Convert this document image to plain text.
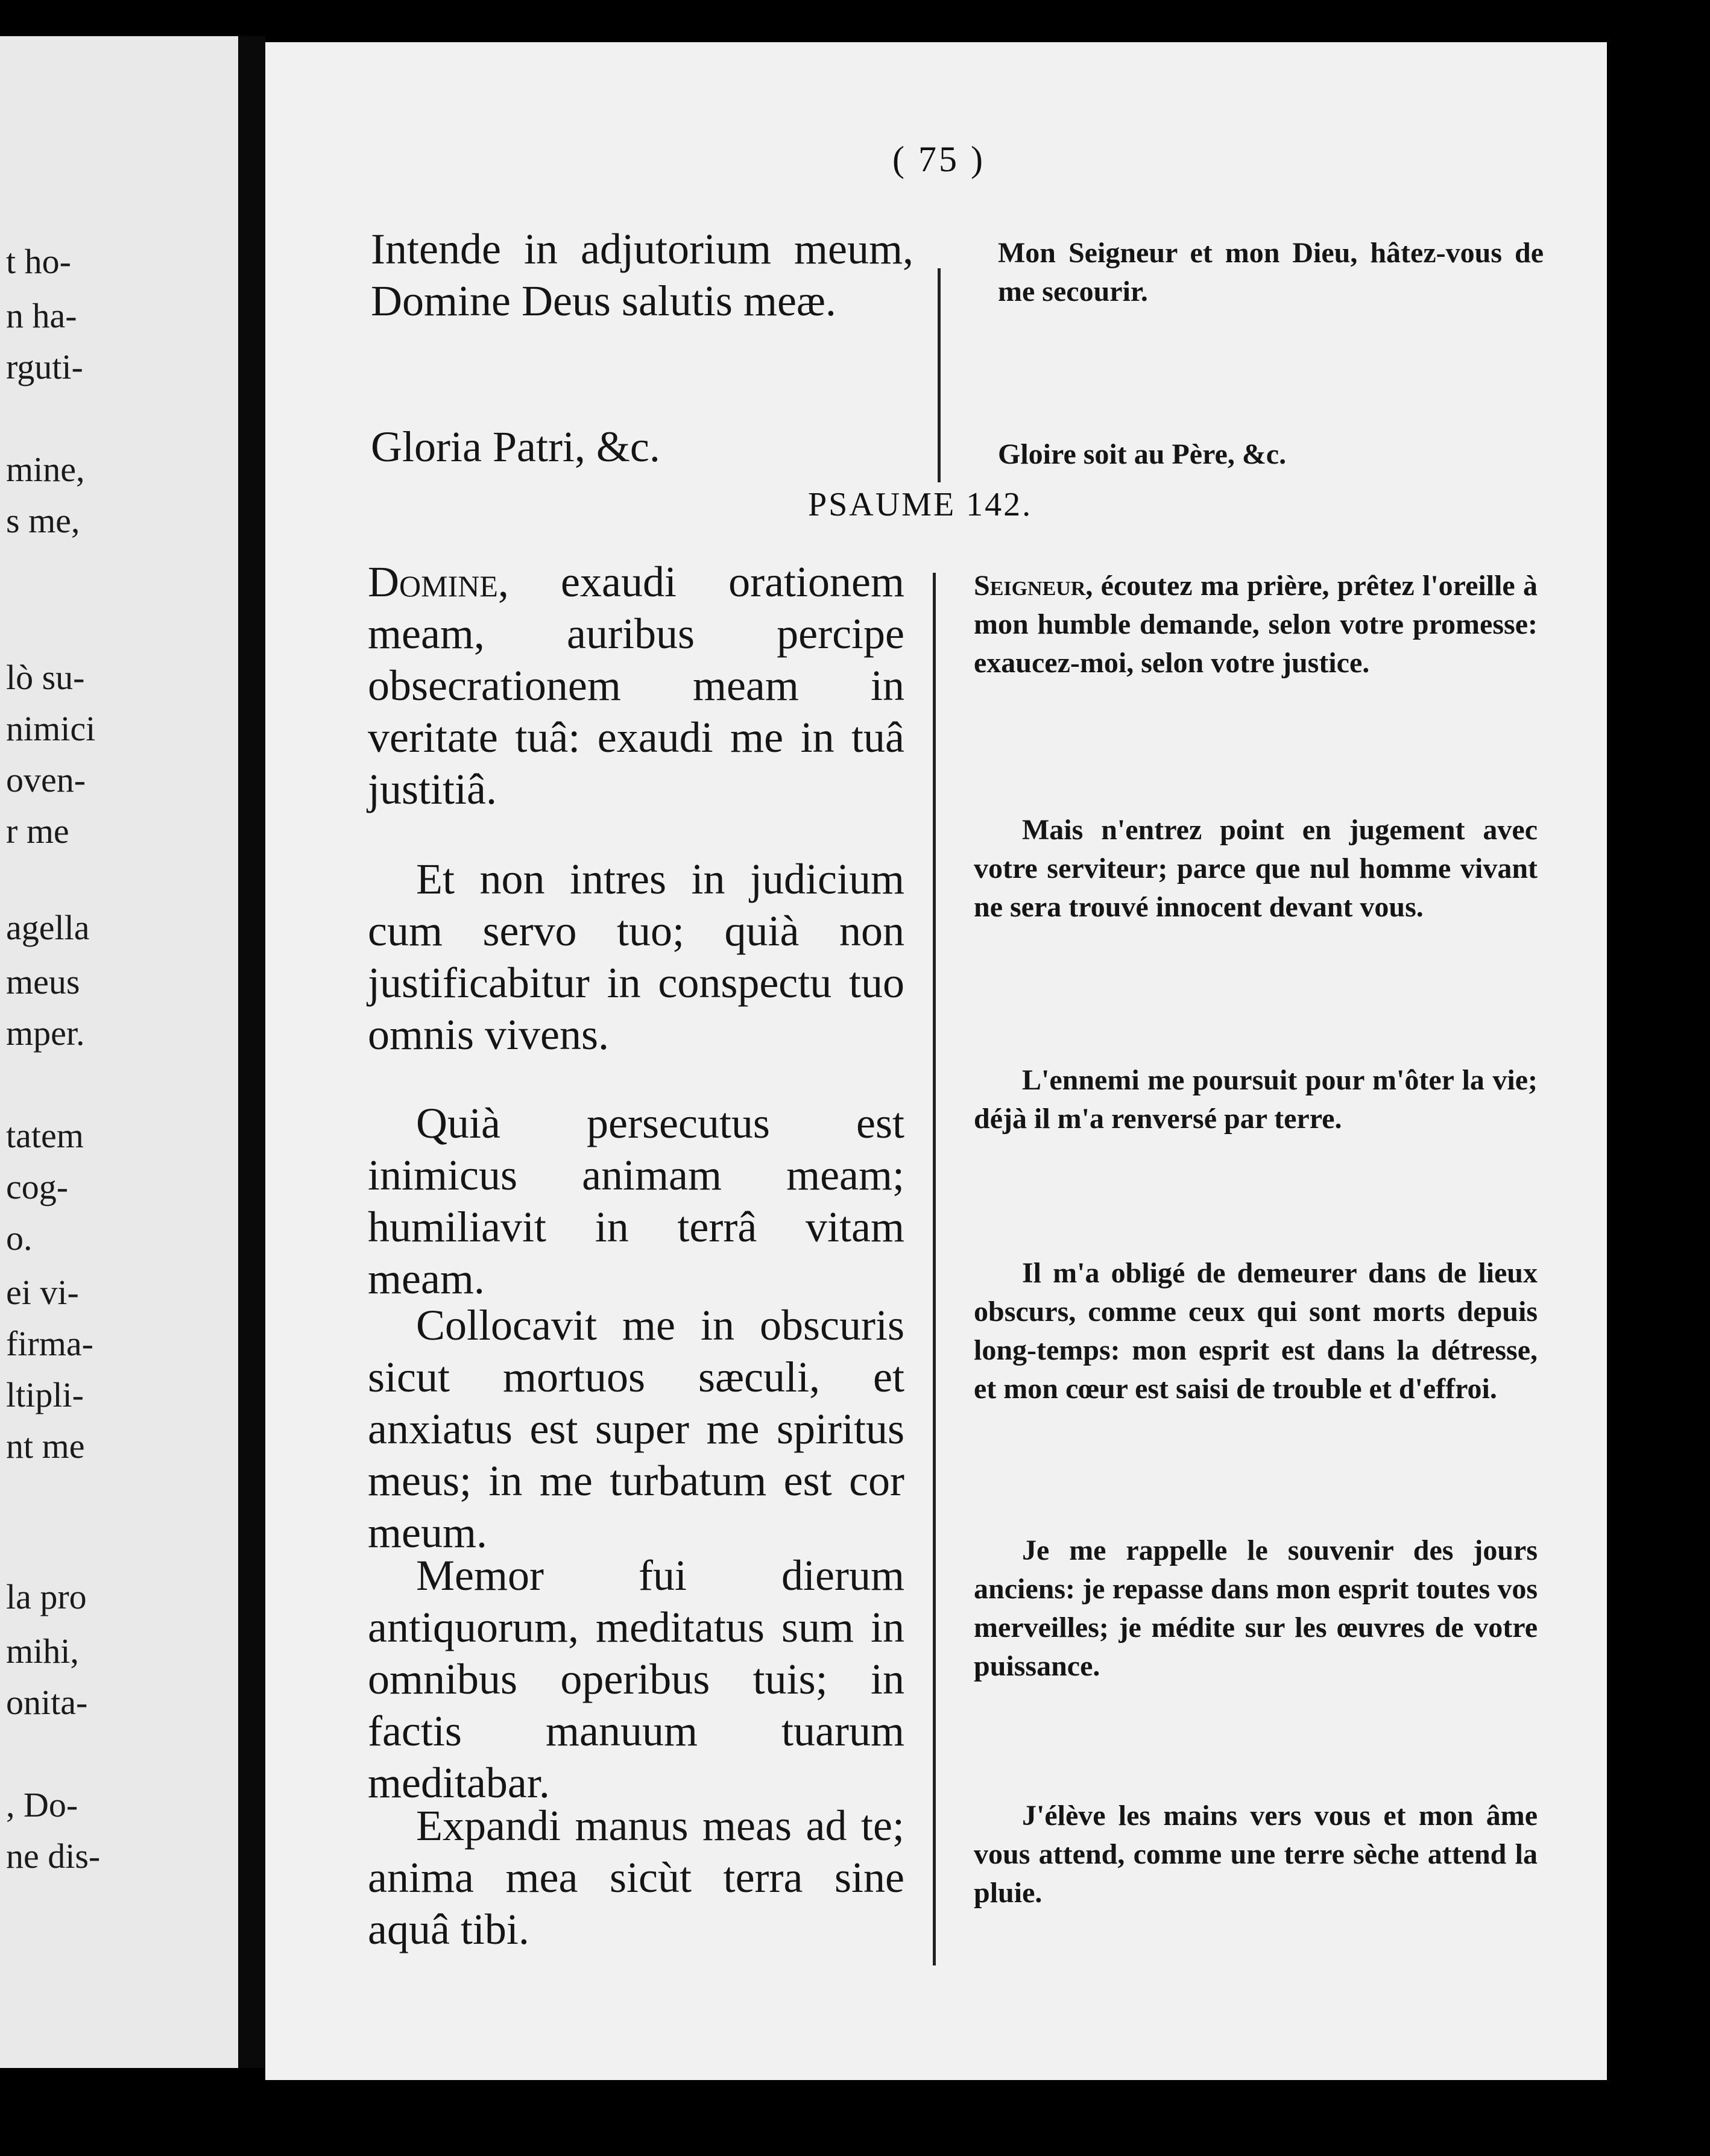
t ho-
n ha-
rguti-
mine,
s me,
lò su-
nimici
oven-
r me
agella
meus
mper.
tatem
cog-
o.
ei vi-
firma-
ltipli-
nt me
la pro
mihi,
onita-
, Do-
ne dis-
( 75 )
Intende in adjutorium meum, Domine Deus salutis meæ.
Gloria Patri, &c.
Mon Seigneur et mon Dieu, hâtez-vous de me secourir.
Gloire soit au Père, &c.
PSAUME 142.
Domine, exaudi orationem meam, auribus percipe obsecrationem meam in veritate tuâ: exaudi me in tuâ justitiâ.
Et non intres in judicium cum servo tuo; quià non justificabitur in conspectu tuo omnis vivens.
Quià persecutus est inimicus animam meam; humiliavit in terrâ vitam meam.
Collocavit me in obscuris sicut mortuos sæculi, et anxiatus est super me spiritus meus; in me turbatum est cor meum.
Memor fui dierum antiquorum, meditatus sum in omnibus operibus tuis; in factis manuum tuarum meditabar.
Expandi manus meas ad te; anima mea sicùt terra sine aquâ tibi.
Seigneur, écoutez ma prière, prêtez l'oreille à mon humble demande, selon votre promesse: exaucez-moi, selon votre justice.
Mais n'entrez point en jugement avec votre serviteur; parce que nul homme vivant ne sera trouvé innocent devant vous.
L'ennemi me poursuit pour m'ôter la vie; déjà il m'a renversé par terre.
Il m'a obligé de demeurer dans de lieux obscurs, comme ceux qui sont morts depuis long-temps: mon esprit est dans la détresse, et mon cœur est saisi de trouble et d'effroi.
Je me rappelle le souvenir des jours anciens: je repasse dans mon esprit toutes vos merveilles; je médite sur les œuvres de votre puissance.
J'élève les mains vers vous et mon âme vous attend, comme une terre sèche attend la pluie.
